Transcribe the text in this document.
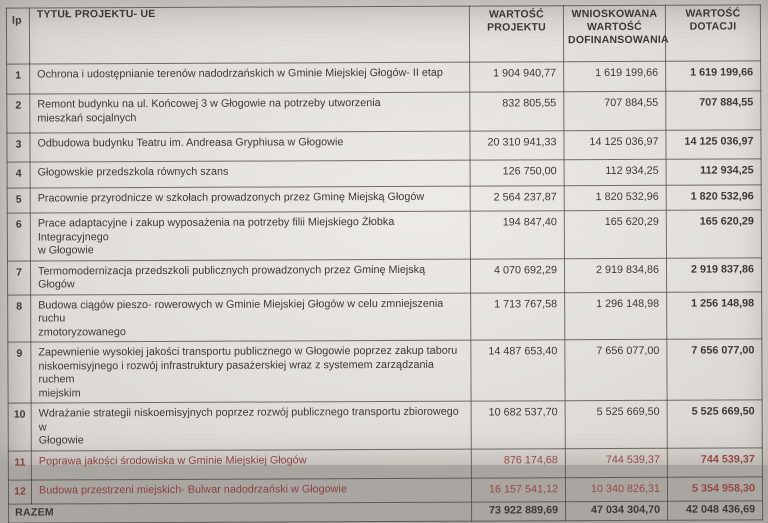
lp	TYTUŁ PROJEKTU- UE	WARTOŚĆ PROJEKTU	WNIOSKOWANA WARTOŚĆ DOFINANSOWANIA	WARTOŚĆ DOTACJI
1	Ochrona i udostępnianie terenów nadodrzańskich w Gminie Miejskiej Głogów- II etap	1 904 940,77	1 619 199,66	1 619 199,66
2	Remont budynku na ul. Końcowej 3 w Głogowie na potrzeby utworzenia
mieszkań socjalnych	832 805,55	707 884,55	707 884,55
3	Odbudowa budynku Teatru im. Andreasa Gryphiusa w Głogowie	20 310 941,33	14 125 036,97	14 125 036,97
4	Głogowskie przedszkola równych szans	126 750,00	112 934,25	112 934,25
5	Pracownie przyrodnicze w szkołach prowadzonych przez Gminę Miejską Głogów	2 564 237,87	1 820 532,96	1 820 532,96
6	Prace adaptacyjne i zakup wyposażenia na potrzeby filii Miejskiego Żłobka Integracyjnego
w Głogowie	194 847,40	165 620,29	165 620,29
7	Termomodernizacja przedszkoli publicznych prowadzonych przez Gminę Miejską Głogów	4 070 692,29	2 919 834,86	2 919 837,86
8	Budowa ciągów pieszo- rowerowych w Gminie Miejskiej Głogów w celu zmniejszenia ruchu
zmotoryzowanego	1 713 767,58	1 296 148,98	1 256 148,98
9	Zapewnienie wysokiej jakości transportu publicznego w Głogowie poprzez zakup taboru
niskoemisyjnego i rozwój infrastruktury pasażerskiej wraz z systemem zarządzania ruchem
miejskim	14 487 653,40	7 656 077,00	7 656 077,00
10	Wdrażanie strategii niskoemisyjnych poprzez rozwój publicznego transportu zbiorowego w
Głogowie	10 682 537,70	5 525 669,50	5 525 669,50
11	Poprawa jakości środowiska w Gminie Miejskiej Głogów	876 174,68	744 539,37	744 539,37
12	Budowa przestrzeni miejskich- Bulwar nadodrzański w Głogowie	16 157 541,12	10 340 826,31	5 354 958,30
RAZEM		73 922 889,69	47 034 304,70	42 048 436,69
